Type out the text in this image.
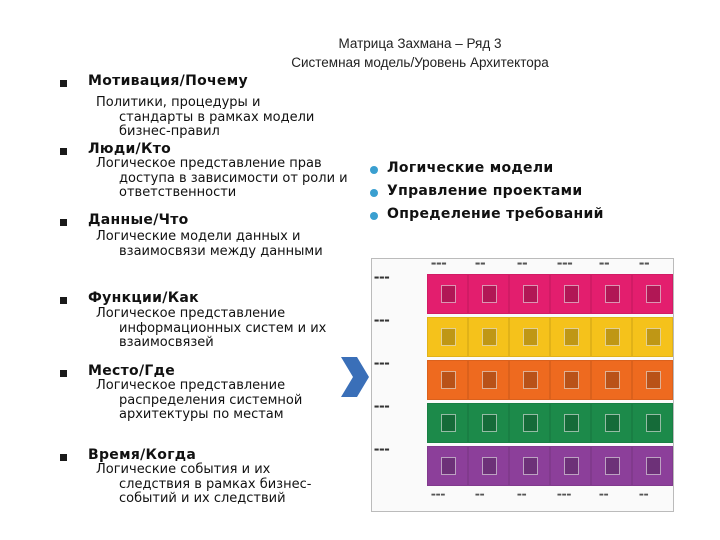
Матрица Захмана – Ряд 3
Системная модель/Уровень Архитектора
Мотивация/Почему
Политики, процедуры и
стандарты в рамках модели бизнес-правил
Люди/Кто
Логическое представление прав
доступа в зависимости от роли и ответственности
Данные/Что
Логические модели данных и
взаимосвязи между данными
Функции/Как
Логическое представление
информационных систем и их взаимосвязей
Место/Где
Логическое представление
распределения системной архитектуры по местам
Время/Когда
Логические события и их
следствия в рамках бизнес-событий и их следствий
Логические модели
Управление проектами
Определение требований
▬▬▬	▬▬	▬▬	▬▬▬	▬▬	▬▬
▬▬▬
▬▬▬
▬▬▬
▬▬▬
▬▬▬
▬▬▬	▬▬	▬▬	▬▬▬	▬▬	▬▬
